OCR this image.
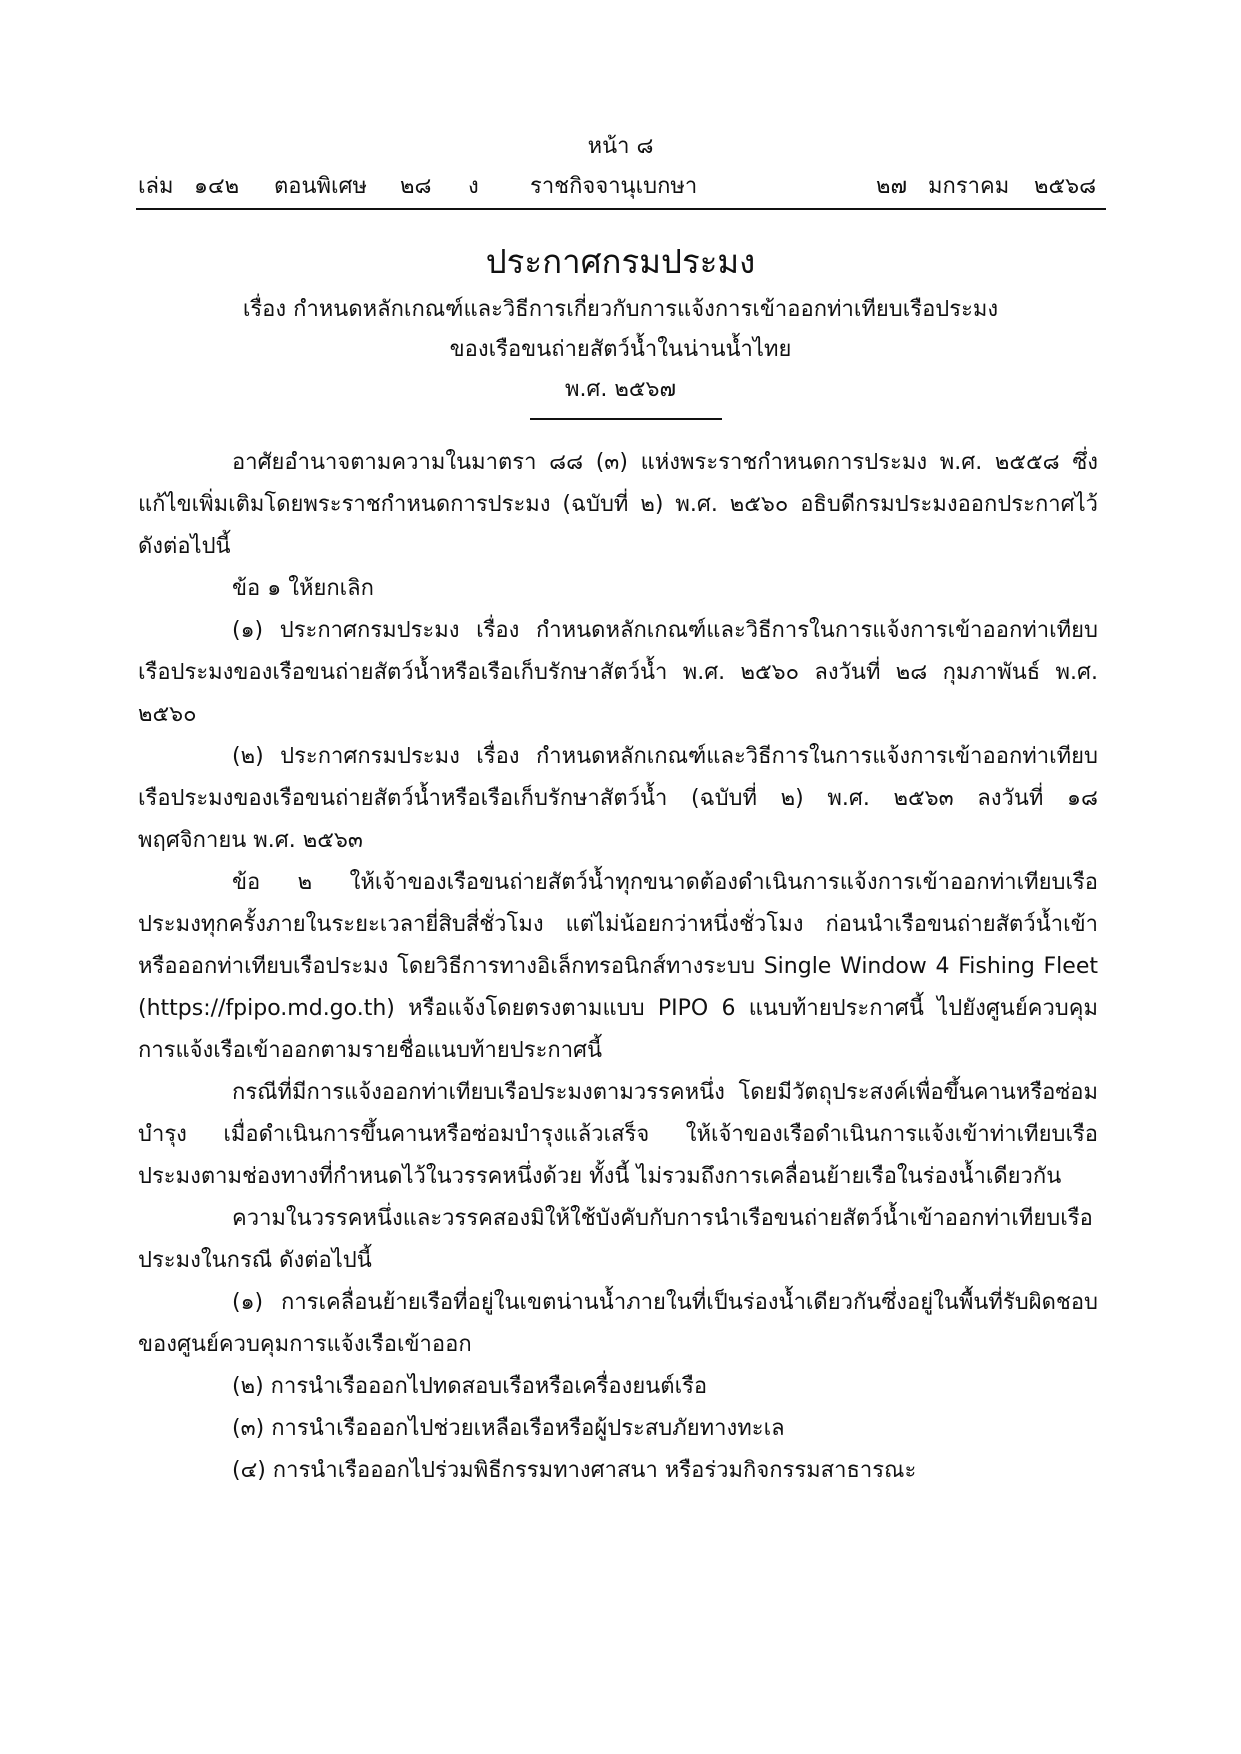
หน้า ๘
เล่ม ๑๔๒ ตอนพิเศษ ๒๘ ง ราชกิจจานุเบกษา	๒๗ มกราคม ๒๕๖๘
ประกาศกรมประมง
เรื่อง กำหนดหลักเกณฑ์และวิธีการเกี่ยวกับการแจ้งการเข้าออกท่าเทียบเรือประมง
ของเรือขนถ่ายสัตว์น้ำในน่านน้ำไทย
พ.ศ. ๒๕๖๗

อาศัยอำนาจตามความในมาตรา ๘๘ (๓) แห่งพระราชกำหนดการประมง พ.ศ. ๒๕๕๘ ซึ่งแก้ไขเพิ่มเติมโดยพระราชกำหนดการประมง (ฉบับที่ ๒) พ.ศ. ๒๕๖๐ อธิบดีกรมประมงออกประกาศไว้ ดังต่อไปนี้

ข้อ ๑ ให้ยกเลิก

(๑) ประกาศกรมประมง เรื่อง กำหนดหลักเกณฑ์และวิธีการในการแจ้งการเข้าออกท่าเทียบเรือประมงของเรือขนถ่ายสัตว์น้ำหรือเรือเก็บรักษาสัตว์น้ำ พ.ศ. ๒๕๖๐ ลงวันที่ ๒๘ กุมภาพันธ์ พ.ศ. ๒๕๖๐

(๒) ประกาศกรมประมง เรื่อง กำหนดหลักเกณฑ์และวิธีการในการแจ้งการเข้าออกท่าเทียบเรือประมงของเรือขนถ่ายสัตว์น้ำหรือเรือเก็บรักษาสัตว์น้ำ (ฉบับที่ ๒) พ.ศ. ๒๕๖๓ ลงวันที่ ๑๘ พฤศจิกายน พ.ศ. ๒๕๖๓

ข้อ ๒ ให้เจ้าของเรือขนถ่ายสัตว์น้ำทุกขนาดต้องดำเนินการแจ้งการเข้าออกท่าเทียบเรือประมงทุกครั้งภายในระยะเวลายี่สิบสี่ชั่วโมง แต่ไม่น้อยกว่าหนึ่งชั่วโมง ก่อนนำเรือขนถ่ายสัตว์น้ำเข้าหรือออกท่าเทียบเรือประมง โดยวิธีการทางอิเล็กทรอนิกส์ทางระบบ Single Window 4 Fishing Fleet (https://fpipo.md.go.th) หรือแจ้งโดยตรงตามแบบ PIPO 6 แนบท้ายประกาศนี้ ไปยังศูนย์ควบคุมการแจ้งเรือเข้าออกตามรายชื่อแนบท้ายประกาศนี้

กรณีที่มีการแจ้งออกท่าเทียบเรือประมงตามวรรคหนึ่ง โดยมีวัตถุประสงค์เพื่อขึ้นคานหรือซ่อมบำรุง เมื่อดำเนินการขึ้นคานหรือซ่อมบำรุงแล้วเสร็จ ให้เจ้าของเรือดำเนินการแจ้งเข้าท่าเทียบเรือประมงตามช่องทางที่กำหนดไว้ในวรรคหนึ่งด้วย ทั้งนี้ ไม่รวมถึงการเคลื่อนย้ายเรือในร่องน้ำเดียวกัน

ความในวรรคหนึ่งและวรรคสองมิให้ใช้บังคับกับการนำเรือขนถ่ายสัตว์น้ำเข้าออกท่าเทียบเรือประมงในกรณี ดังต่อไปนี้

(๑) การเคลื่อนย้ายเรือที่อยู่ในเขตน่านน้ำภายในที่เป็นร่องน้ำเดียวกันซึ่งอยู่ในพื้นที่รับผิดชอบของศูนย์ควบคุมการแจ้งเรือเข้าออก

(๒) การนำเรือออกไปทดสอบเรือหรือเครื่องยนต์เรือ

(๓) การนำเรือออกไปช่วยเหลือเรือหรือผู้ประสบภัยทางทะเล

(๔) การนำเรือออกไปร่วมพิธีกรรมทางศาสนา หรือร่วมกิจกรรมสาธารณะ
